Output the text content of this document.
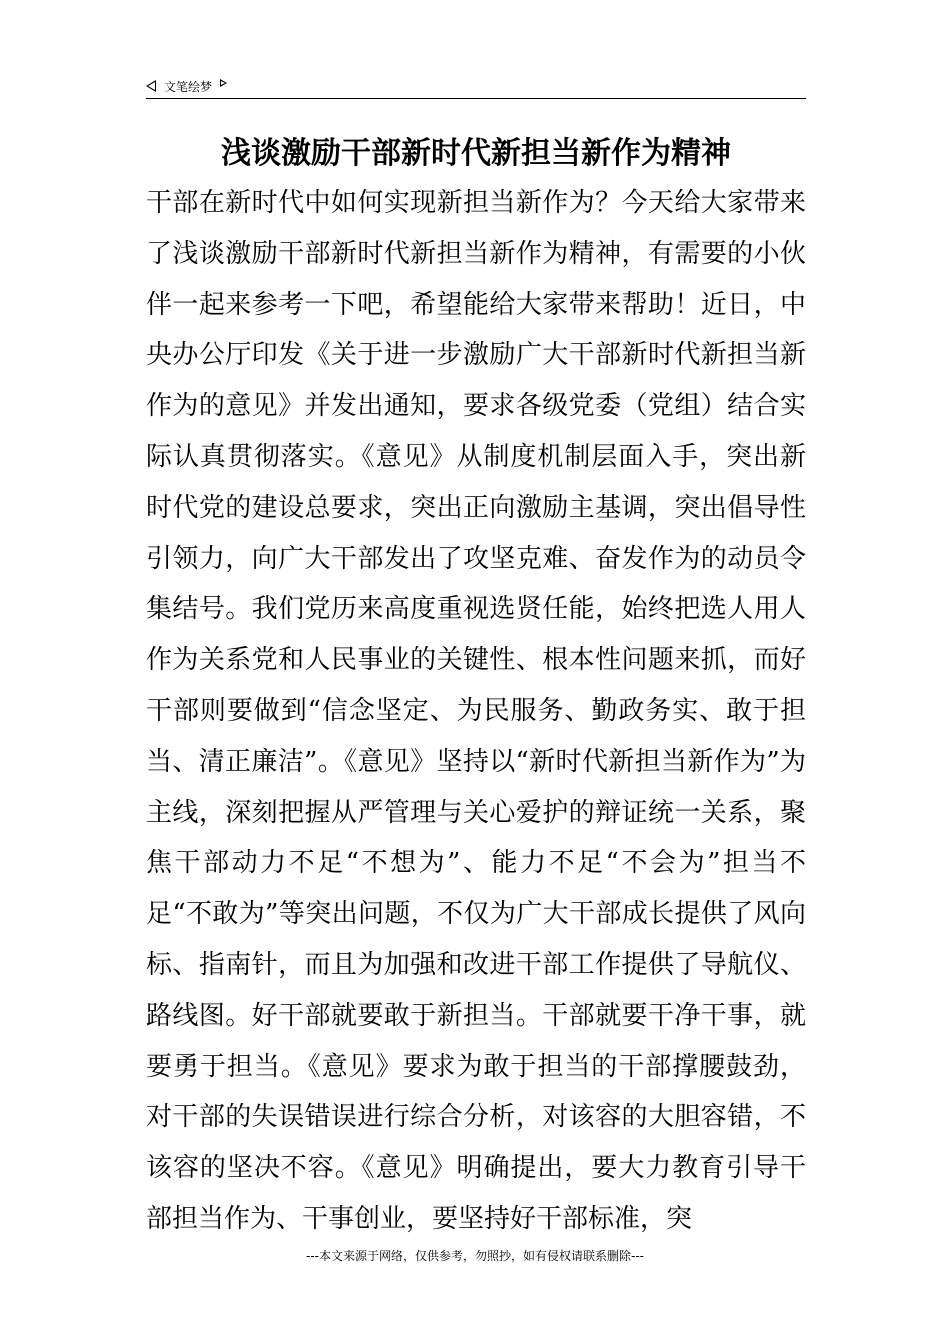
文笔绘梦
浅谈激励干部新时代新担当新作为精神

干部在新时代中如何实现新担当新作为？今天给大家带来了浅谈激励干部新时代新担当新作为精神，有需要的小伙伴一起来参考一下吧，希望能给大家带来帮助！近日，中央办公厅印发《关于进一步激励广大干部新时代新担当新作为的意见》并发出通知，要求各级党委（党组）结合实际认真贯彻落实。《意见》从制度机制层面入手，突出新时代党的建设总要求，突出正向激励主基调，突出倡导性引领力，向广大干部发出了攻坚克难、奋发作为的动员令集结号。我们党历来高度重视选贤任能，始终把选人用人作为关系党和人民事业的关键性、根本性问题来抓，而好干部则要做到“信念坚定、为民服务、勤政务实、敢于担当、清正廉洁”。《意见》坚持以“新时代新担当新作为”为主线，深刻把握从严管理与关心爱护的辩证统一关系，聚焦干部动力不足“不想为”、能力不足“不会为”担当不足“不敢为”等突出问题，不仅为广大干部成长提供了风向标、指南针，而且为加强和改进干部工作提供了导航仪、路线图。好干部就要敢于新担当。干部就要干净干事，就要勇于担当。《意见》要求为敢于担当的干部撑腰鼓劲，对干部的失误错误进行综合分析，对该容的大胆容错，不该容的坚决不容。《意见》明确提出，要大力教育引导干部担当作为、干事创业，要坚持好干部标准，突

---本文来源于网络，仅供参考，勿照抄，如有侵权请联系删除---
